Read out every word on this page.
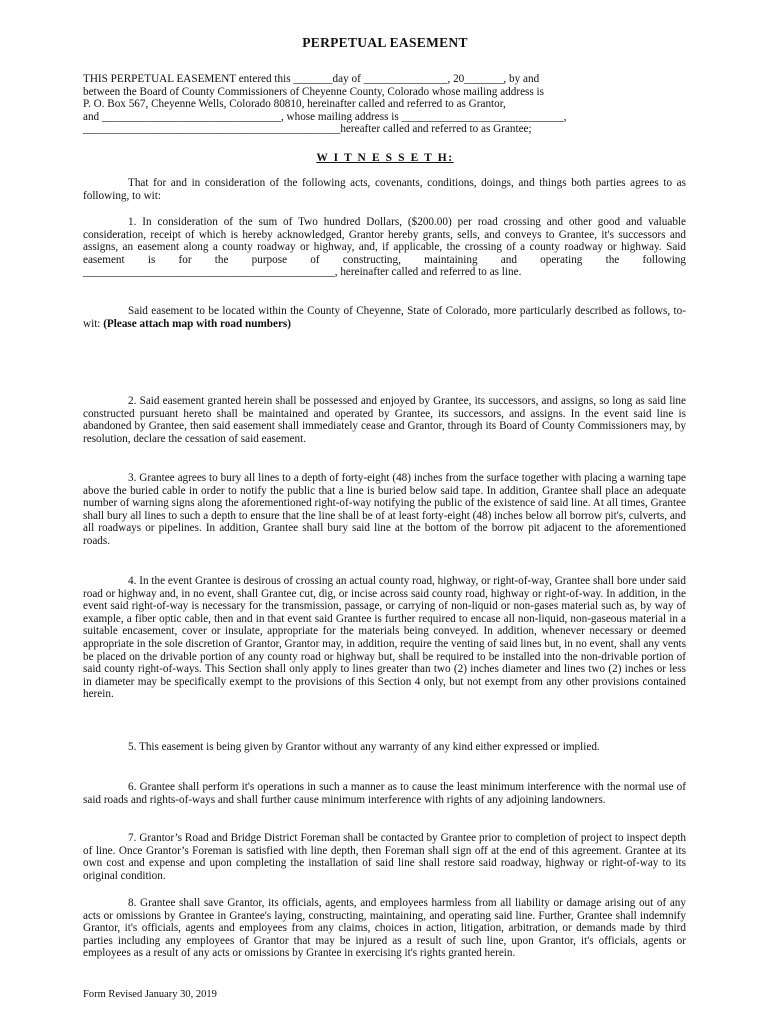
PERPETUAL EASEMENT
THIS PERPETUAL EASEMENT entered this _______day of _______________, 20_______, by and
between the Board of County Commissioners of Cheyenne County, Colorado whose mailing address is
P. O. Box 567, Cheyenne Wells, Colorado 80810, hereinafter called and referred to as Grantor,
and ________________________________, whose mailing address is _____________________________,
______________________________________________hereafter called and referred to as Grantee;
W I T N E S S E T H:

That for and in consideration of the following acts, covenants, conditions, doings, and things both parties agrees to as following, to wit:

1. In consideration of the sum of Two hundred Dollars, ($200.00) per road crossing and other good and valuable consideration, receipt of which is hereby acknowledged, Grantor hereby grants, sells, and conveys to Grantee, it's successors and assigns, an easement along a county roadway or highway, and, if applicable, the crossing of a county roadway or highway. Said easement is for the purpose of constructing, maintaining and operating the following _____________________________________________, hereinafter called and referred to as line.

Said easement to be located within the County of Cheyenne, State of Colorado, more particularly described as follows, to-wit: (Please attach map with road numbers)

2. Said easement granted herein shall be possessed and enjoyed by Grantee, its successors, and assigns, so long as said line constructed pursuant hereto shall be maintained and operated by Grantee, its successors, and assigns. In the event said line is abandoned by Grantee, then said easement shall immediately cease and Grantor, through its Board of County Commissioners may, by resolution, declare the cessation of said easement.

3. Grantee agrees to bury all lines to a depth of forty-eight (48) inches from the surface together with placing a warning tape above the buried cable in order to notify the public that a line is buried below said tape. In addition, Grantee shall place an adequate number of warning signs along the aforementioned right-of-way notifying the public of the existence of said line. At all times, Grantee shall bury all lines to such a depth to ensure that the line shall be of at least forty-eight (48) inches below all borrow pit's, culverts, and all roadways or pipelines. In addition, Grantee shall bury said line at the bottom of the borrow pit adjacent to the aforementioned roads.

4. In the event Grantee is desirous of crossing an actual county road, highway, or right-of-way, Grantee shall bore under said road or highway and, in no event, shall Grantee cut, dig, or incise across said county road, highway or right-of-way. In addition, in the event said right-of-way is necessary for the transmission, passage, or carrying of non-liquid or non-gases material such as, by way of example, a fiber optic cable, then and in that event said Grantee is further required to encase all non-liquid, non-gaseous material in a suitable encasement, cover or insulate, appropriate for the materials being conveyed. In addition, whenever necessary or deemed appropriate in the sole discretion of Grantor, Grantor may, in addition, require the venting of said lines but, in no event, shall any vents be placed on the drivable portion of any county road or highway but, shall be required to be installed into the non-drivable portion of said county right-of-ways. This Section shall only apply to lines greater than two (2) inches diameter and lines two (2) inches or less in diameter may be specifically exempt to the provisions of this Section 4 only, but not exempt from any other provisions contained herein.

5. This easement is being given by Grantor without any warranty of any kind either expressed or implied.

6. Grantee shall perform it's operations in such a manner as to cause the least minimum interference with the normal use of said roads and rights-of-ways and shall further cause minimum interference with rights of any adjoining landowners.

7. Grantor’s Road and Bridge District Foreman shall be contacted by Grantee prior to completion of project to inspect depth of line. Once Grantor’s Foreman is satisfied with line depth, then Foreman shall sign off at the end of this agreement. Grantee at its own cost and expense and upon completing the installation of said line shall restore said roadway, highway or right-of-way to its original condition.

8. Grantee shall save Grantor, its officials, agents, and employees harmless from all liability or damage arising out of any acts or omissions by Grantee in Grantee's laying, constructing, maintaining, and operating said line. Further, Grantee shall indemnify Grantor, it's officials, agents and employees from any claims, choices in action, litigation, arbitration, or demands made by third parties including any employees of Grantor that may be injured as a result of such line, upon Grantor, it's officials, agents or employees as a result of any acts or omissions by Grantee in exercising it's rights granted herein.

Form Revised January 30, 2019
